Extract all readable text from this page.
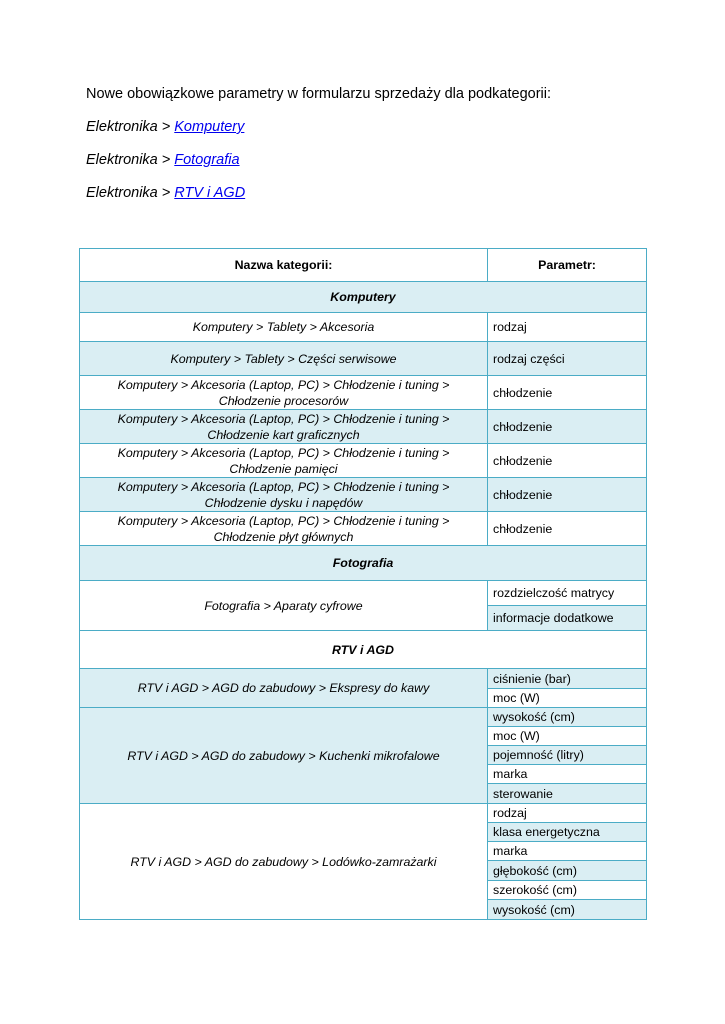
Nowe obowiązkowe parametry w formularzu sprzedaży dla podkategorii:
Elektronika > Komputery
Elektronika > Fotografia
Elektronika > RTV i AGD
Nazwa kategorii:	Parametr:
Komputery	
Komputery > Tablety > Akcesoria	rodzaj
Komputery > Tablety > Części serwisowe	rodzaj części
Komputery > Akcesoria (Laptop, PC) > Chłodzenie i tuning > Chłodzenie procesorów	chłodzenie
Komputery > Akcesoria (Laptop, PC) > Chłodzenie i tuning > Chłodzenie kart graficznych	chłodzenie
Komputery > Akcesoria (Laptop, PC) > Chłodzenie i tuning > Chłodzenie pamięci	chłodzenie
Komputery > Akcesoria (Laptop, PC) > Chłodzenie i tuning > Chłodzenie dysku i napędów	chłodzenie
Komputery > Akcesoria (Laptop, PC) > Chłodzenie i tuning > Chłodzenie płyt głównych	chłodzenie
Fotografia	
Fotografia > Aparaty cyfrowe	rozdzielczość matrycy
	informacje dodatkowe
RTV i AGD	
RTV i AGD > AGD do zabudowy > Ekspresy do kawy	ciśnienie (bar)
	moc (W)
RTV i AGD > AGD do zabudowy > Kuchenki mikrofalowe	wysokość (cm)
	moc (W)
	pojemność (litry)
	marka
	sterowanie
RTV i AGD > AGD do zabudowy > Lodówko-zamrażarki	rodzaj
	klasa energetyczna
	marka
	głębokość (cm)
	szerokość (cm)
	wysokość (cm)
